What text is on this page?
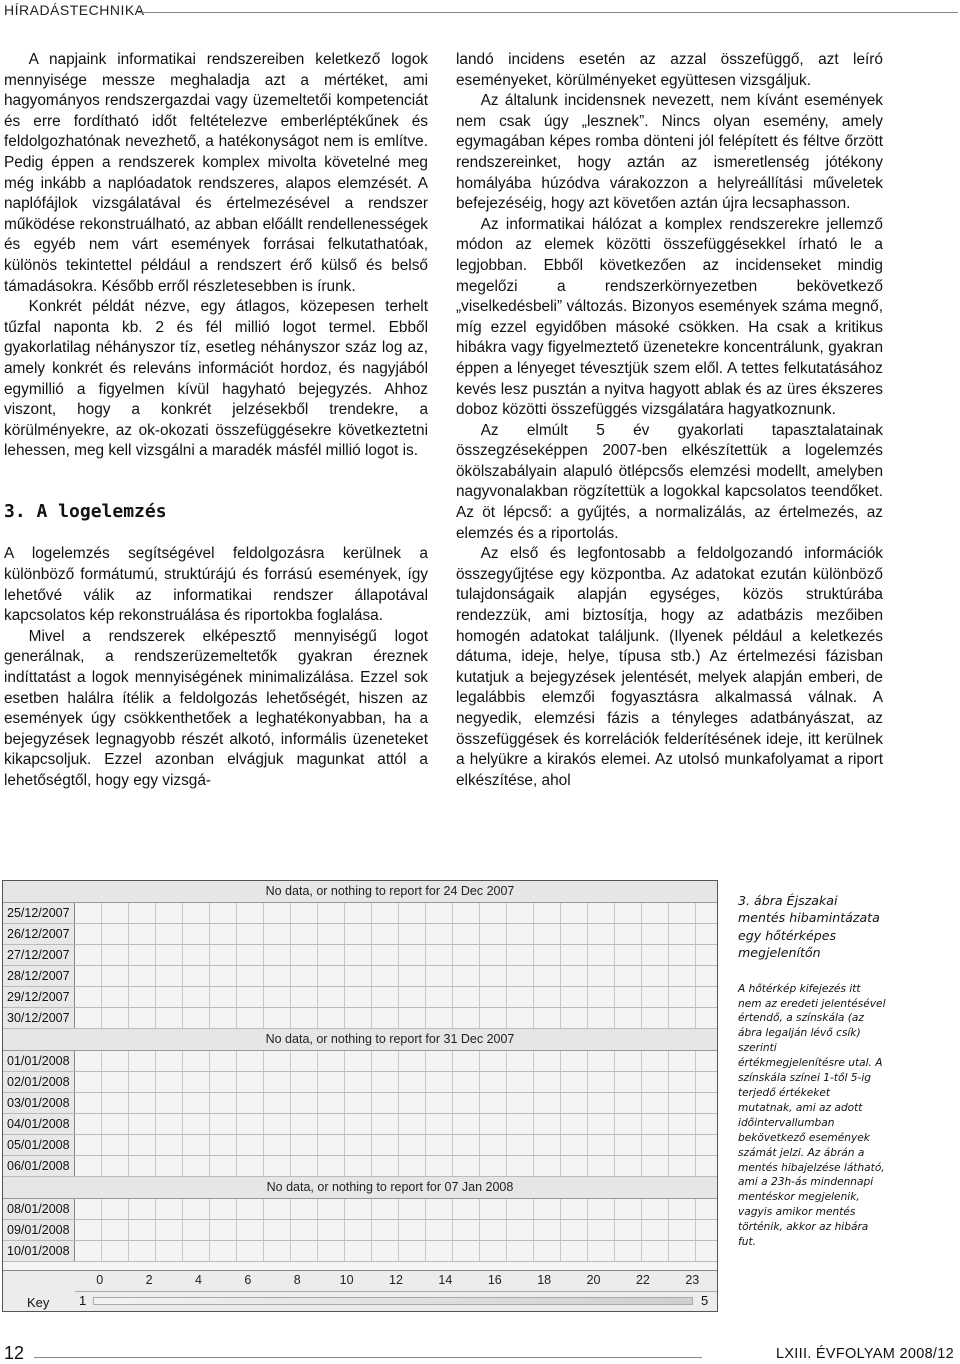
HÍRADÁSTECHNIKA

A napjaink informatikai rendszereiben keletkező logok mennyisége messze meghaladja azt a mértéket, ami hagyományos rendszergazdai vagy üzemeltetői kompetenciát és erre fordítható időt feltételezve emberléptékűnek és feldolgozhatónak nevezhető, a hatékonyságot nem is említve. Pedig éppen a rendszerek komplex mivolta követelné meg még inkább a naplóadatok rendszeres, alapos elemzését. A naplófájlok vizsgálatával és értelmezésével a rendszer működése rekonstruálható, az abban előállt rendellenességek és egyéb nem várt események forrásai felkutathatóak, különös tekintettel például a rendszert érő külső és belső támadásokra. Később erről részletesebben is írunk.

Konkrét példát nézve, egy átlagos, közepesen terhelt tűzfal naponta kb. 2 és fél millió logot termel. Ebből gyakorlatilag néhányszor tíz, esetleg néhányszor száz log az, amely konkrét és releváns információt hordoz, és nagyjából egymillió a figyelmen kívül hagyható bejegyzés. Ahhoz viszont, hogy a konkrét jelzésekből trendekre, a körülményekre, az ok-okozati összefüggésekre következtetni lehessen, meg kell vizsgálni a maradék másfél millió logot is.

3. A logelemzés

A logelemzés segítségével feldolgozásra kerülnek a különböző formátumú, struktúrájú és forrású események, így lehetővé válik az informatikai rendszer állapotával kapcsolatos kép rekonstruálása és riportokba foglalása.

Mivel a rendszerek elképesztő mennyiségű logot generálnak, a rendszerüzemeltetők gyakran éreznek indíttatást a logok mennyiségének minimalizálása. Ezzel sok esetben halálra ítélik a feldolgozás lehetőségét, hiszen az események úgy csökkenthetőek a leghatékonyabban, ha a bejegyzések legnagyobb részét alkotó, informális üzeneteket kikapcsoljuk. Ezzel azonban elvágjuk magunkat attól a lehetőségtől, hogy egy vizsgá-

landó incidens esetén az azzal összefüggő, azt leíró eseményeket, körülményeket együttesen vizsgáljuk.

Az általunk incidensnek nevezett, nem kívánt események nem csak úgy „lesznek”. Nincs olyan esemény, amely egymagában képes romba dönteni jól felépített és féltve őrzött rendszereinket, hogy aztán az ismeretlenség jótékony homályába húzódva várakozzon a helyreállítási műveletek befejezéséig, hogy azt követően aztán újra lecsaphasson.

Az informatikai hálózat a komplex rendszerekre jellemző módon az elemek közötti összefüggésekkel írható le a legjobban. Ebből következően az incidenseket mindig megelőzi a rendszerkörnyezetben bekövetkező „viselkedésbeli” változás. Bizonyos események száma megnő, míg ezzel egyidőben másoké csökken. Ha csak a kritikus hibákra vagy figyelmeztető üzenetekre koncentrálunk, gyakran éppen a lényeget tévesztjük szem elől. A tettes felkutatásához kevés lesz pusztán a nyitva hagyott ablak és az üres ékszeres doboz közötti összefüggés vizsgálatára hagyatkoznunk.

Az elmúlt 5 év gyakorlati tapasztalatainak összegzéseképpen 2007-ben elkészítettük a logelemzés ökölszabályain alapuló ötlépcsős elemzési modellt, amelyben nagyvonalakban rögzítettük a logokkal kapcsolatos teendőket. Az öt lépcső: a gyűjtés, a normalizálás, az értelmezés, az elemzés és a riportolás.

Az első és legfontosabb a feldolgozandó információk összegyűjtése egy központba. Az adatokat ezután különböző tulajdonságaik alapján egységes, közös struktúrába rendezzük, ami biztosítja, hogy az adatbázis mezőiben homogén adatokat találjunk. (Ilyenek például a keletkezés dátuma, ideje, helye, típusa stb.) Az értelmezési fázisban kutatjuk a bejegyzések jelentését, melyek alapján emberi, de legalábbis elemzői fogyasztásra alkalmassá válnak. A negyedik, elemzési fázis a tényleges adatbányászat, az összefüggések és korrelációk felderítésének ideje, itt kerülnek a helyükre a kirakós elemei. Az utolsó munkafolyamat a riport elkészítése, ahol

No data, or nothing to report for 24 Dec 2007
25/12/2007
26/12/2007
27/12/2007
28/12/2007
29/12/2007
30/12/2007
No data, or nothing to report for 31 Dec 2007
01/01/2008
02/01/2008
03/01/2008
04/01/2008
05/01/2008
06/01/2008
No data, or nothing to report for 07 Jan 2008
08/01/2008
09/01/2008
10/01/2008
0	2	4	6	8	10	12	14	16	18	20	22	23
Key 1	5

3. ábra Éjszakai mentés hibamintázata egy hőtérképes megjelenítőn

A hőtérkép kifejezés itt nem az eredeti jelentésével értendő, a színskála (az ábra legalján lévő csík) szerinti értékmegjelenítésre utal. A színskála színei 1-től 5-ig terjedő értékeket mutatnak, ami az adott időintervallumban bekövetkező események számát jelzi. Az ábrán a mentés hibajelzése látható, ami a 23h-ás mindennapi mentéskor megjelenik, vagyis amikor mentés történik, akkor az hibára fut.

12	LXIII. ÉVFOLYAM 2008/12
